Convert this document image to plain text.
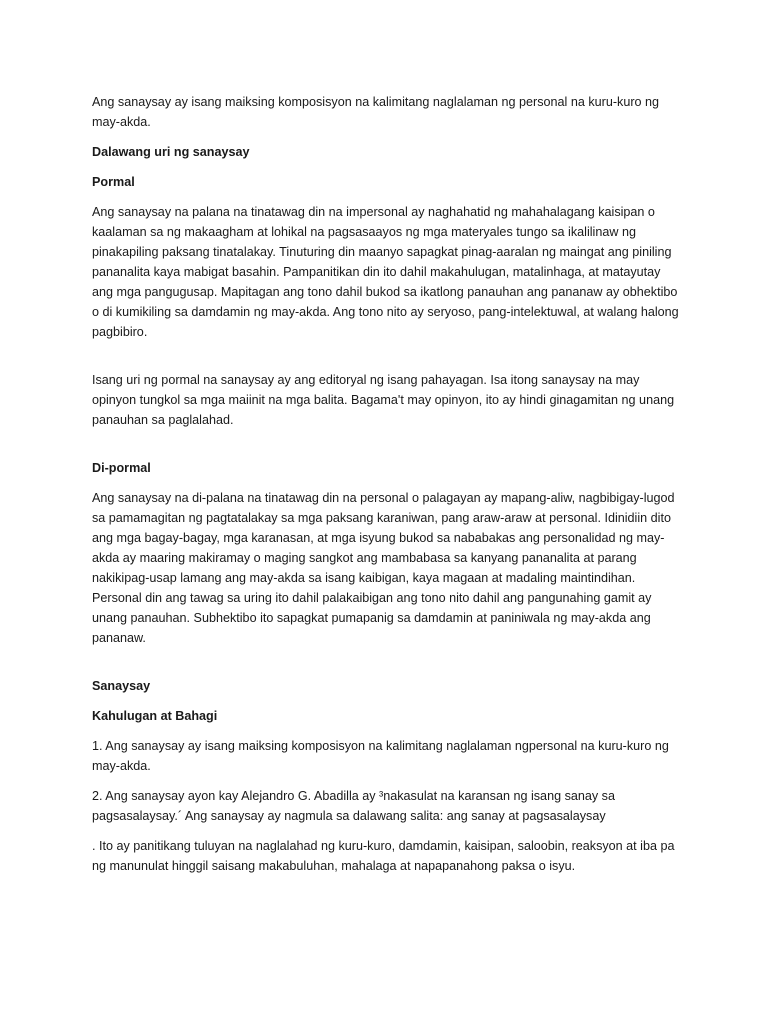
Ang sanaysay ay isang maiksing komposisyon na kalimitang naglalaman ng personal na kuru-kuro ng may-akda.

Dalawang uri ng sanaysay

Pormal

Ang sanaysay na palana na tinatawag din na impersonal ay naghahatid ng mahahalagang kaisipan o kaalaman sa ng makaagham at lohikal na pagsasaayos ng mga materyales tungo sa ikalilinaw ng pinakapiling paksang tinatalakay. Tinuturing din maanyo sapagkat pinag-aaralan ng maingat ang piniling pananalita kaya mabigat basahin. Pampanitikan din ito dahil makahulugan, matalinhaga, at matayutay ang mga pangugusap. Mapitagan ang tono dahil bukod sa ikatlong panauhan ang pananaw ay obhektibo o di kumikiling sa damdamin ng may-akda. Ang tono nito ay seryoso, pang-intelektuwal, at walang halong pagbibiro.

Isang uri ng pormal na sanaysay ay ang editoryal ng isang pahayagan. Isa itong sanaysay na may opinyon tungkol sa mga maiinit na mga balita. Bagama't may opinyon, ito ay hindi ginagamitan ng unang panauhan sa paglalahad.

Di-pormal

Ang sanaysay na di-palana na tinatawag din na personal o palagayan ay mapang-aliw, nagbibigay-lugod sa pamamagitan ng pagtatalakay sa mga paksang karaniwan, pang araw-araw at personal. Idinidiin dito ang mga bagay-bagay, mga karanasan, at mga isyung bukod sa nababakas ang personalidad ng may-akda ay maaring makiramay o maging sangkot ang mambabasa sa kanyang pananalita at parang nakikipag-usap lamang ang may-akda sa isang kaibigan, kaya magaan at madaling maintindihan. Personal din ang tawag sa uring ito dahil palakaibigan ang tono nito dahil ang pangunahing gamit ay unang panauhan. Subhektibo ito sapagkat pumapanig sa damdamin at paniniwala ng may-akda ang pananaw.

Sanaysay

Kahulugan at Bahagi

1. Ang sanaysay ay isang maiksing komposisyon na kalimitang naglalaman ngpersonal na kuru-kuro ng may-akda.

2. Ang sanaysay ayon kay Alejandro G. Abadilla ay ³nakasulat na karansan ng isang sanay sa pagsasalaysay.´ Ang sanaysay ay nagmula sa dalawang salita: ang sanay at pagsasalaysay

. Ito ay panitikang tuluyan na naglalahad ng kuru-kuro, damdamin, kaisipan, saloobin, reaksyon at iba pa ng manunulat hinggil saisang makabuluhan, mahalaga at napapanahong paksa o isyu.
